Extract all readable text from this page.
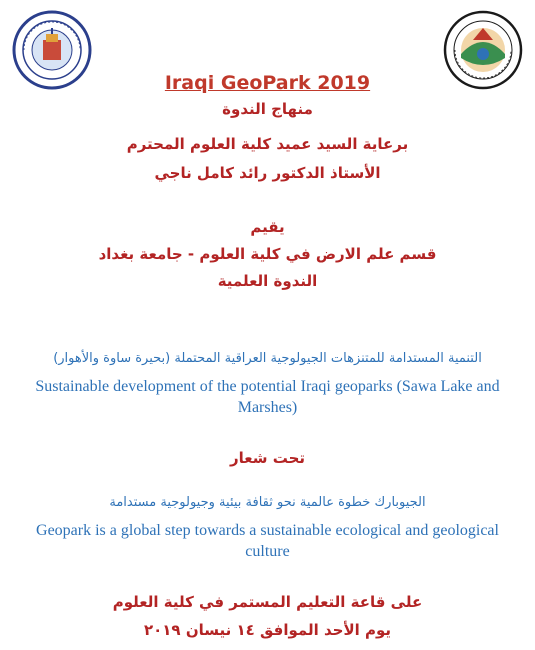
Iraqi GeoPark 2019
منهاج الندوة
برعاية السيد عميد كلية العلوم المحترم
الأستاذ الدكتور رائد كامل ناجي
يقيم
قسم علم الارض في كلية العلوم - جامعة بغداد
الندوة العلمية
التنمية المستدامة للمتنزهات الجيولوجية العراقية المحتملة (بحيرة ساوة والأهوار)
Sustainable development of the potential Iraqi geoparks (Sawa Lake and Marshes)
تحت شعار
الجيوبارك خطوة عالمية نحو ثقافة بيئية وجيولوجية مستدامة
Geopark is a global step towards a sustainable ecological and geological culture
على قاعة التعليم المستمر في كلية العلوم
يوم الأحد الموافق ١٤ نيسان ٢٠١٩
